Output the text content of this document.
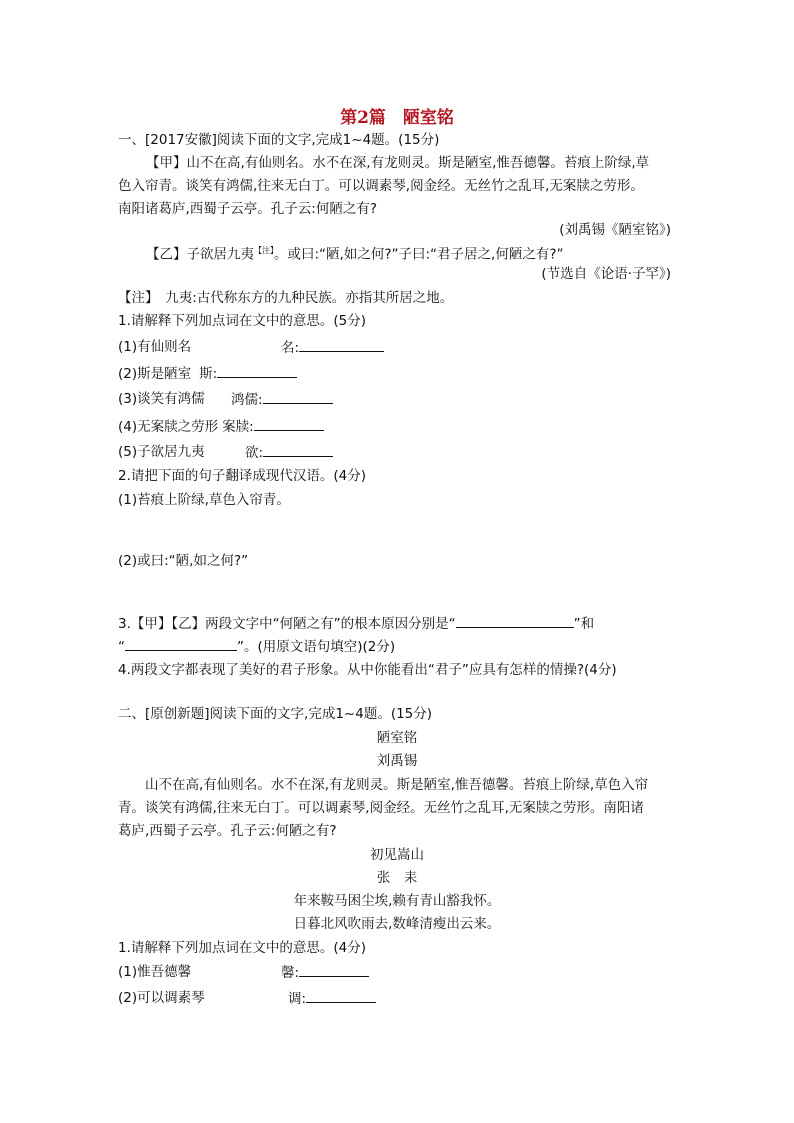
第2篇　陋室铭
一、[2017安徽]阅读下面的文字,完成1~4题。(15分)
【甲】山不在高,有仙则名。水不在深,有龙则灵。斯是陋室,惟吾德馨。苔痕上阶绿,草
色入帘青。谈笑有鸿儒,往来无白丁。可以调素琴,阅金经。无丝竹之乱耳,无案牍之劳形。
南阳诸葛庐,西蜀子云亭。孔子云:何陋之有?
(刘禹锡《陋室铭》)
【乙】子欲居九夷$^{【注】}$。或曰:“陋,如之何?”子曰:“君子居之,何陋之有?”
(节选自《论语·子罕》)
【注】　九夷:古代称东方的九种民族。亦指其所居之地。
1.请解释下列加点词在文中的意思。(5分)
(1)有仙则名	名:
(2)斯是陋室 斯:
(3)谈笑有鸿儒 鸿儒:
(4)无案牍之劳形 案牍:
(5)子欲居九夷	欲:
2.请把下面的句子翻译成现代汉语。(4分)
(1)苔痕上阶绿,草色入帘青。
(2)或曰:“陋,如之何?”
3.【甲】【乙】两段文字中“何陋之有”的根本原因分别是“	”和
“	”。(用原文语句填空)(2分)
4.两段文字都表现了美好的君子形象。从中你能看出“君子”应具有怎样的情操?(4分)
二、[原创新题]阅读下面的文字,完成1~4题。(15分)
陋室铭
刘禹锡
　　山不在高,有仙则名。水不在深,有龙则灵。斯是陋室,惟吾德馨。苔痕上阶绿,草色入帘
青。谈笑有鸿儒,往来无白丁。可以调素琴,阅金经。无丝竹之乱耳,无案牍之劳形。南阳诸
葛庐,西蜀子云亭。孔子云:何陋之有?
初见嵩山
张　耒
年来鞍马困尘埃,赖有青山豁我怀。
日暮北风吹雨去,数峰清瘦出云来。
1.请解释下列加点词在文中的意思。(4分)
(1)惟吾德馨	馨:
(2)可以调素琴	调:
